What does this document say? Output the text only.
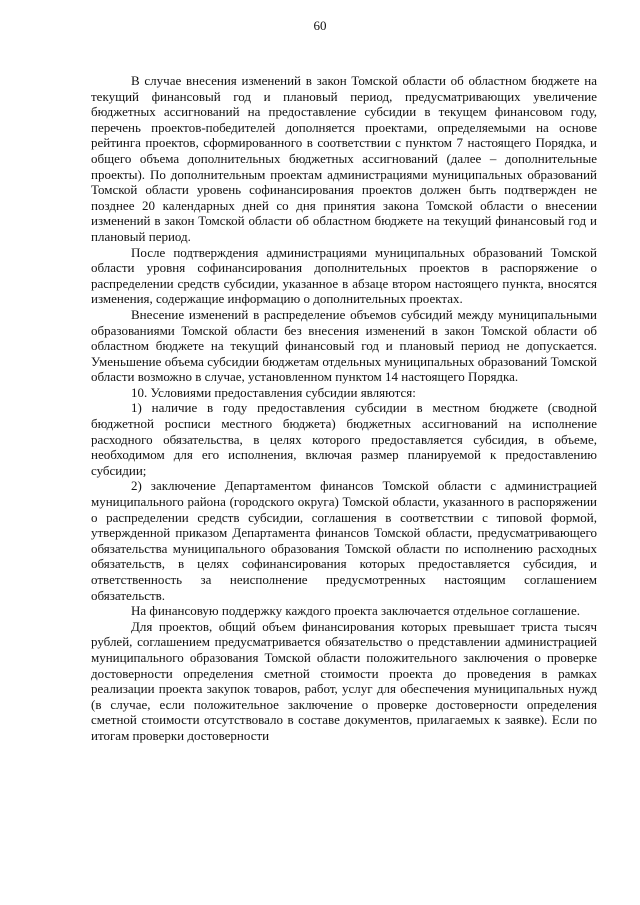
60

В случае внесения изменений в закон Томской области об областном бюджете на текущий финансовый год и плановый период, предусматривающих увеличение бюджетных ассигнований на предоставление субсидии в текущем финансовом году, перечень проектов-победителей дополняется проектами, определяемыми на основе рейтинга проектов, сформированного в соответствии с пунктом 7 настоящего Порядка, и общего объема дополнительных бюджетных ассигнований (далее – дополнительные проекты). По дополнительным проектам администрациями муниципальных образований Томской области уровень софинансирования проектов должен быть подтвержден не позднее 20 календарных дней со дня принятия закона Томской области о внесении изменений в закон Томской области об областном бюджете на текущий финансовый год и плановый период.

После подтверждения администрациями муниципальных образований Томской области уровня софинансирования дополнительных проектов в распоряжение о распределении средств субсидии, указанное в абзаце втором настоящего пункта, вносятся изменения, содержащие информацию о дополнительных проектах.

Внесение изменений в распределение объемов субсидий между муниципальными образованиями Томской области без внесения изменений в закон Томской области об областном бюджете на текущий финансовый год и плановый период не допускается. Уменьшение объема субсидии бюджетам отдельных муниципальных образований Томской области возможно в случае, установленном пунктом 14 настоящего Порядка.

10. Условиями предоставления субсидии являются:

1) наличие в году предоставления субсидии в местном бюджете (сводной бюджетной росписи местного бюджета) бюджетных ассигнований на исполнение расходного обязательства, в целях которого предоставляется субсидия, в объеме, необходимом для его исполнения, включая размер планируемой к предоставлению субсидии;

2) заключение Департаментом финансов Томской области с администрацией муниципального района (городского округа) Томской области, указанного в распоряжении о распределении средств субсидии, соглашения в соответствии с типовой формой, утвержденной приказом Департамента финансов Томской области, предусматривающего обязательства муниципального образования Томской области по исполнению расходных обязательств, в целях софинансирования которых предоставляется субсидия, и ответственность за неисполнение предусмотренных настоящим соглашением обязательств.

На финансовую поддержку каждого проекта заключается отдельное соглашение.

Для проектов, общий объем финансирования которых превышает триста тысяч рублей, соглашением предусматривается обязательство о представлении администрацией муниципального образования Томской области положительного заключения о проверке достоверности определения сметной стоимости проекта до проведения в рамках реализации проекта закупок товаров, работ, услуг для обеспечения муниципальных нужд (в случае, если положительное заключение о проверке достоверности определения сметной стоимости отсутствовало в составе документов, прилагаемых к заявке). Если по итогам проверки достоверности
